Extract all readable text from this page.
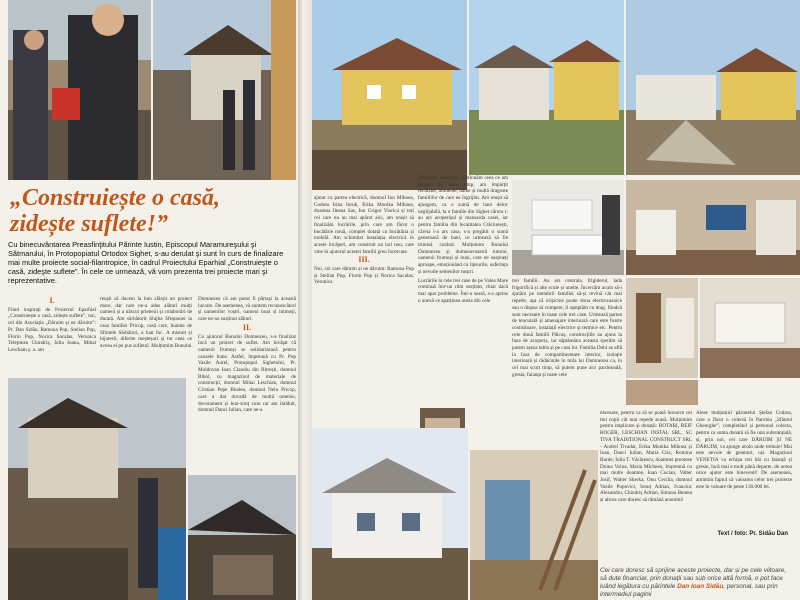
„Construiește o casă,
zidește suflete!”
Cu binecuvântarea Preasfinţitului Părinte Iustin, Episcopul Maramureşului şi Sătmarului, în Protopopiatul Ortodox Sighet, s-au derulat şi sunt în curs de finalizare mai multe proiecte social-filantropice, în cadrul Proiectului Eparhial „Construieşte o casă, zideşte suflete”. În cele ce urmează, vă vom prezenta trei proiecte mari şi reprezentative.
I.

Fiind inspirați de Proiectul Eparhial „Construiește o casă, zidește suflete”, noi, cei din Asociația „Dăruim și ne dăruim”: Pr. Dan Sidău, Ramona Pop, Stelian Pop, Florin Pop, Norica Sacalas, Veronica Teleptean Chindriș, Iulia Ioana, Mihai Leschian ș. a. am

reușit să ducem la bun sfârșit un proiect mare, dar care ne-a adus alături mulți oameni și a născut prietenii și colaborări de durată. Am sărbătorit Slujba Sfeștaniei la casa familiei Pricop, casă care, înainte de Sfintele Sărbători, a luat foc. A mistuit și bijuterii, diferite meșteșuri și tot ceea ce aveau ei pe pus sufletul. Mulțumim Bunului

Dumnezeu că am putut fi părtași la această lucrare. De asemenea, vă suntem recunoscători și oamenilor voștri, oameni buni și inimoși, care ne-au susținut alături.

II.

Cu ajutorul Bunului Dumnezeu, s-a finalizat încă un proiect de suflet. Am învățat că oamenii frumoși se solidarizează pentru cauzele bune. Astfel, împreună cu Pr. Pop Vasile Aurel, Protopopul Sighetului, Pr. Moldovan Ioan Claudiu din Bitrești, domnul Bihol, cu magazinul de materiale de construcții, domnul Mihai Leschian, domnul Cristian Pepe Blodea, domnul Nelu Pricop, care a dat dovadă de multă omenie, devotament și bun-simț cum rar am întâlnit, domnul Danci Iulian, care ne-a

ajutat cu partea electrică, domnul Ion Mihnea, Codrea Irina Ioruk, Erika Monika Mihnea, doamna Ileana Sas, Ion Grigor Viorica și toți cei care nu au mai apărut aici, am reușit să finalizăm lucrările, prin care am făcut o bucătărie nouă, complet dotată cu bucătăria și mobilă. Am schimbat instalația electrică în aceste încăperi, am construit un hol nou, care vine în ajutorul acestei familii greu încercate.

III.

Noi, cei care dăruim și ne dăruim: Ramona Pop și Stelian Pop, Florin Pop și Norica Sacalas, Veronica

Teleptean Chindriș, continuăm ceea ce am început și, între timp, am împărțit rechizite, alimente, haine și multă dragoste familiilor de care ne îngrijim. Am reușit să ajungem, ca o sumă de bani deloc neglijabilă, la o familie din Sighet cărora i-au ars acoperișul și mansarda casei, iar pentru familia din localitatea Crăciunești, căreia i-a ars casa, s-a pregătit o sumă generoasă de bani, ce urmează să fie trimisă curând. Mulțumim Bunului Dumnezeu și dumneavoastră tuturor, oamenii frumoși și buni, care ne susțineți aproape, emoționând cu lipsurile, suferința și nevoile semenilor noștri.

Lucrările la cele trei case de pe Valea Mare continuă într-un ritm susținut, chiar dacă mai apar probleme. Într-o seară, s-a aprins o anexă ce aparținea uneia din cele

trei familii. Au ars centrala, frigiderul, lada frigorifică și alte scule și unelte. Încercăm acum să-i ajutăm pe membrii familiei să-și revină cât mai repede, așa că orișicine poate dona electrocasnice sau o dispus să cumpere, îl așteptăm cu drag. fiindcă sunt necesare în toate cele trei case. Urmează partea de tencuială și amenajare interioară care este foarte costisitoare, instalații electrice și termice etc. Pentru cele două familii Pălcuș, construcțiile au ajuns la faza de acoperiș, iar săptămâna aceasta sperăm să putem așeza tabla și pe casa lor. Familia Dobi se află la faza de compartimentare interior, izolație interioară și rădăcinile în mila lui Dumnezeu ca, în cel mai scurt timp, să putem pune aici pardoseală, gresia, faianța și toate cele

necesare, pentru ca să se poată întoarce cei trei copii cât mai repede acasă. Mulțumim pentru implicare și donații: ROTARI, REIF ROGER, LESCHIAN INSTAL SRL, SC TIVA TRADITIONAL CONSTRUCT SRL - Andrei Tivadar, Erika Monika Mihnea și Ioan, Danci Iulian, Maria Cisc, Romina Burde, Iulia T. Văcărescu, doamnei preotese Doina Voina, Maria Mîchneu, împreună cu mai multe doamne, Ioan Cocian, Valter Josif, Walter Skerka, Onu Cecilia, domnul Vasile Popovici, Ionuț Adrian, Ivanciuc Alexandru, Chindriș Adrian, Simona Bentea și altora care doresc să rămână anonimi!

Alese mulțumiri părintelui Ștefan Codrea, care a făcut o colectă în Parohia „Sfântul Gheorghe”, completând și personal colecta, pentru ca suma donată să fie una substanțială, și, prin noi, cei care DĂRUIM ȘI NE DĂRUIM, va ajunge acolo unde trebuie! Mai este nevoie de geamuri, uși. Magazinul VENETIA va echipa trei băi cu faianță și gresie, încă mai e mult până departe, de aceea orice ajutor este binevenit! De asemenea, amintim faptul că valoarea celor trei proiecte este în valoare de peste 130.000 lei.

Text / foto: Pr. Sidău Dan
Cei care doresc să sprijine aceste proiecte, dar și pe cele viitoare, să dute financiar, prin donații sau sub orice altă formă, o pot face luând legătura cu părintele Dan Ioan Sidău, personal, sau prin intermediul paginii
